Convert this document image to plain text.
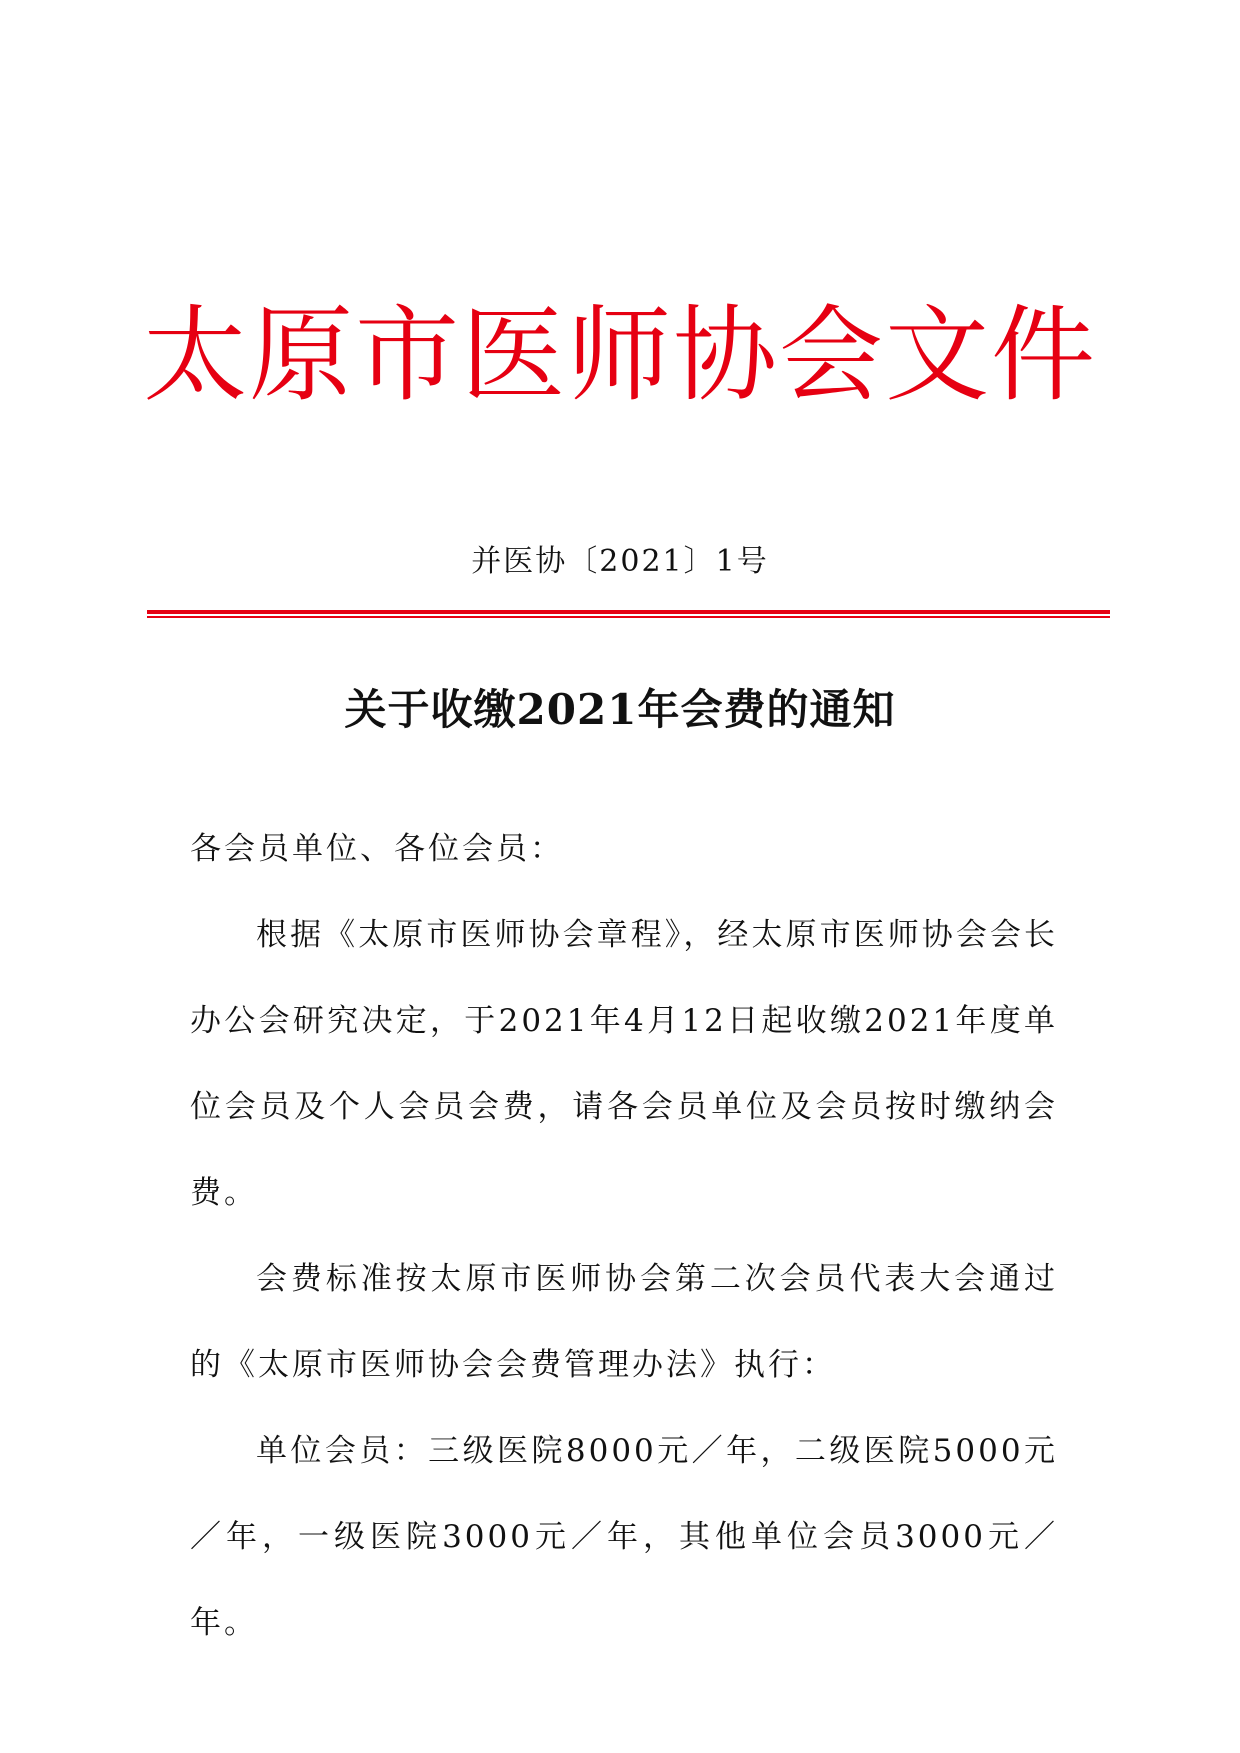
太原市医师协会文件
并医协〔2021〕1号
关于收缴2021年会费的通知

各会员单位、各位会员：

根据《太原市医师协会章程》，经太原市医师协会会长办公会研究决定，于2021年4月12日起收缴2021年度单位会员及个人会员会费，请各会员单位及会员按时缴纳会费。

会费标准按太原市医师协会第二次会员代表大会通过的《太原市医师协会会费管理办法》执行：

单位会员：三级医院8000元／年，二级医院5000元／年，一级医院3000元／年，其他单位会员3000元／年。
